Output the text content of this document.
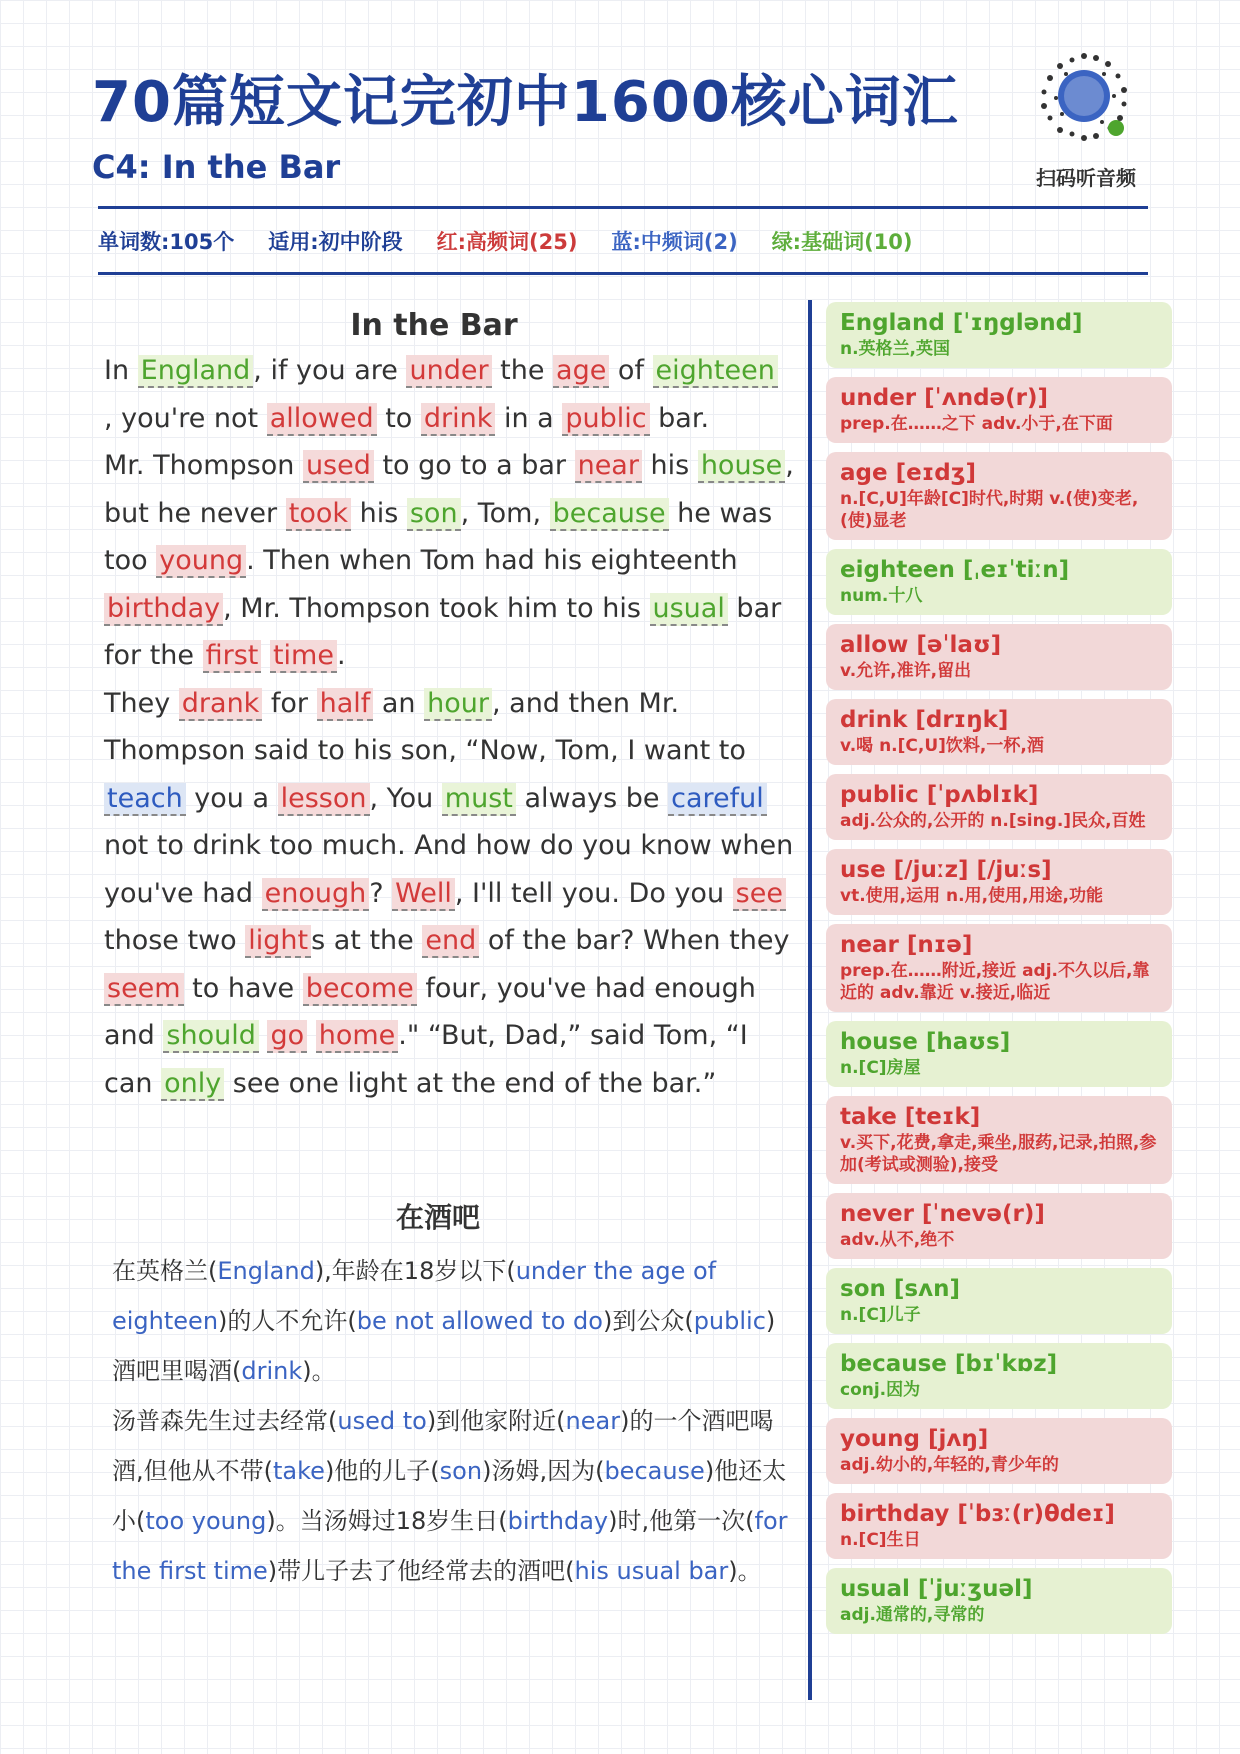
70篇短文记完初中1600核心词汇
C4: In the Bar	扫码听音频
单词数:105个 适用:初中阶段 红:高频词(25) 蓝:中频词(2) 绿:基础词(10)
In the Bar

In England , if you are under the age of eighteen , you're not allowed to drink in a public bar.

Mr. Thompson used to go to a bar near his house , but he never took his son , Tom, because he was too young . Then when Tom had his eighteenth birthday , Mr. Thompson took him to his usual bar for the first time .

They drank for half an hour , and then Mr. Thompson said to his son, “Now, Tom, I want to teach you a lesson , You must always be careful not to drink too much. And how do you know when you've had enough ? Well , I'll tell you. Do you see those two light s at the end of the bar? When they seem to have become four, you've had enough and should go home ." “But, Dad,” said Tom, “I can only see one light at the end of the bar.”

在酒吧

在英格兰(England),年龄在18岁以下(under the age of eighteen)的人不允许(be not allowed to do)到公众(public)酒吧里喝酒(drink)。

汤普森先生过去经常(used to)到他家附近(near)的一个酒吧喝酒,但他从不带(take)他的儿子(son)汤姆,因为(because)他还太小(too young)。当汤姆过18岁生日(birthday)时,他第一次(for the first time)带儿子去了他经常去的酒吧(his usual bar)。

England [ˈɪŋglənd]
n.英格兰,英国
under [ˈʌndə(r)]
prep.在……之下 adv.小于,在下面
age [eɪdʒ]
n.[C,U]年龄[C]时代,时期 v.(使)变老,(使)显老
eighteen [ˌeɪˈtiːn]
num.十八
allow [əˈlaʊ]
v.允许,准许,留出
drink [drɪŋk]
v.喝 n.[C,U]饮料,一杯,酒
public [ˈpʌblɪk]
adj.公众的,公开的 n.[sing.]民众,百姓
use [/juːz] [/juːs]
vt.使用,运用 n.用,使用,用途,功能
near [nɪə]
prep.在……附近,接近 adj.不久以后,靠近的 adv.靠近 v.接近,临近
house [haʊs]
n.[C]房屋
take [teɪk]
v.买下,花费,拿走,乘坐,服药,记录,拍照,参加(考试或测验),接受
never [ˈnevə(r)]
adv.从不,绝不
son [sʌn]
n.[C]儿子
because [bɪˈkɒz]
conj.因为
young [jʌŋ]
adj.幼小的,年轻的,青少年的
birthday [ˈbɜː(r)θdeɪ]
n.[C]生日
usual [ˈjuːʒuəl]
adj.通常的,寻常的
